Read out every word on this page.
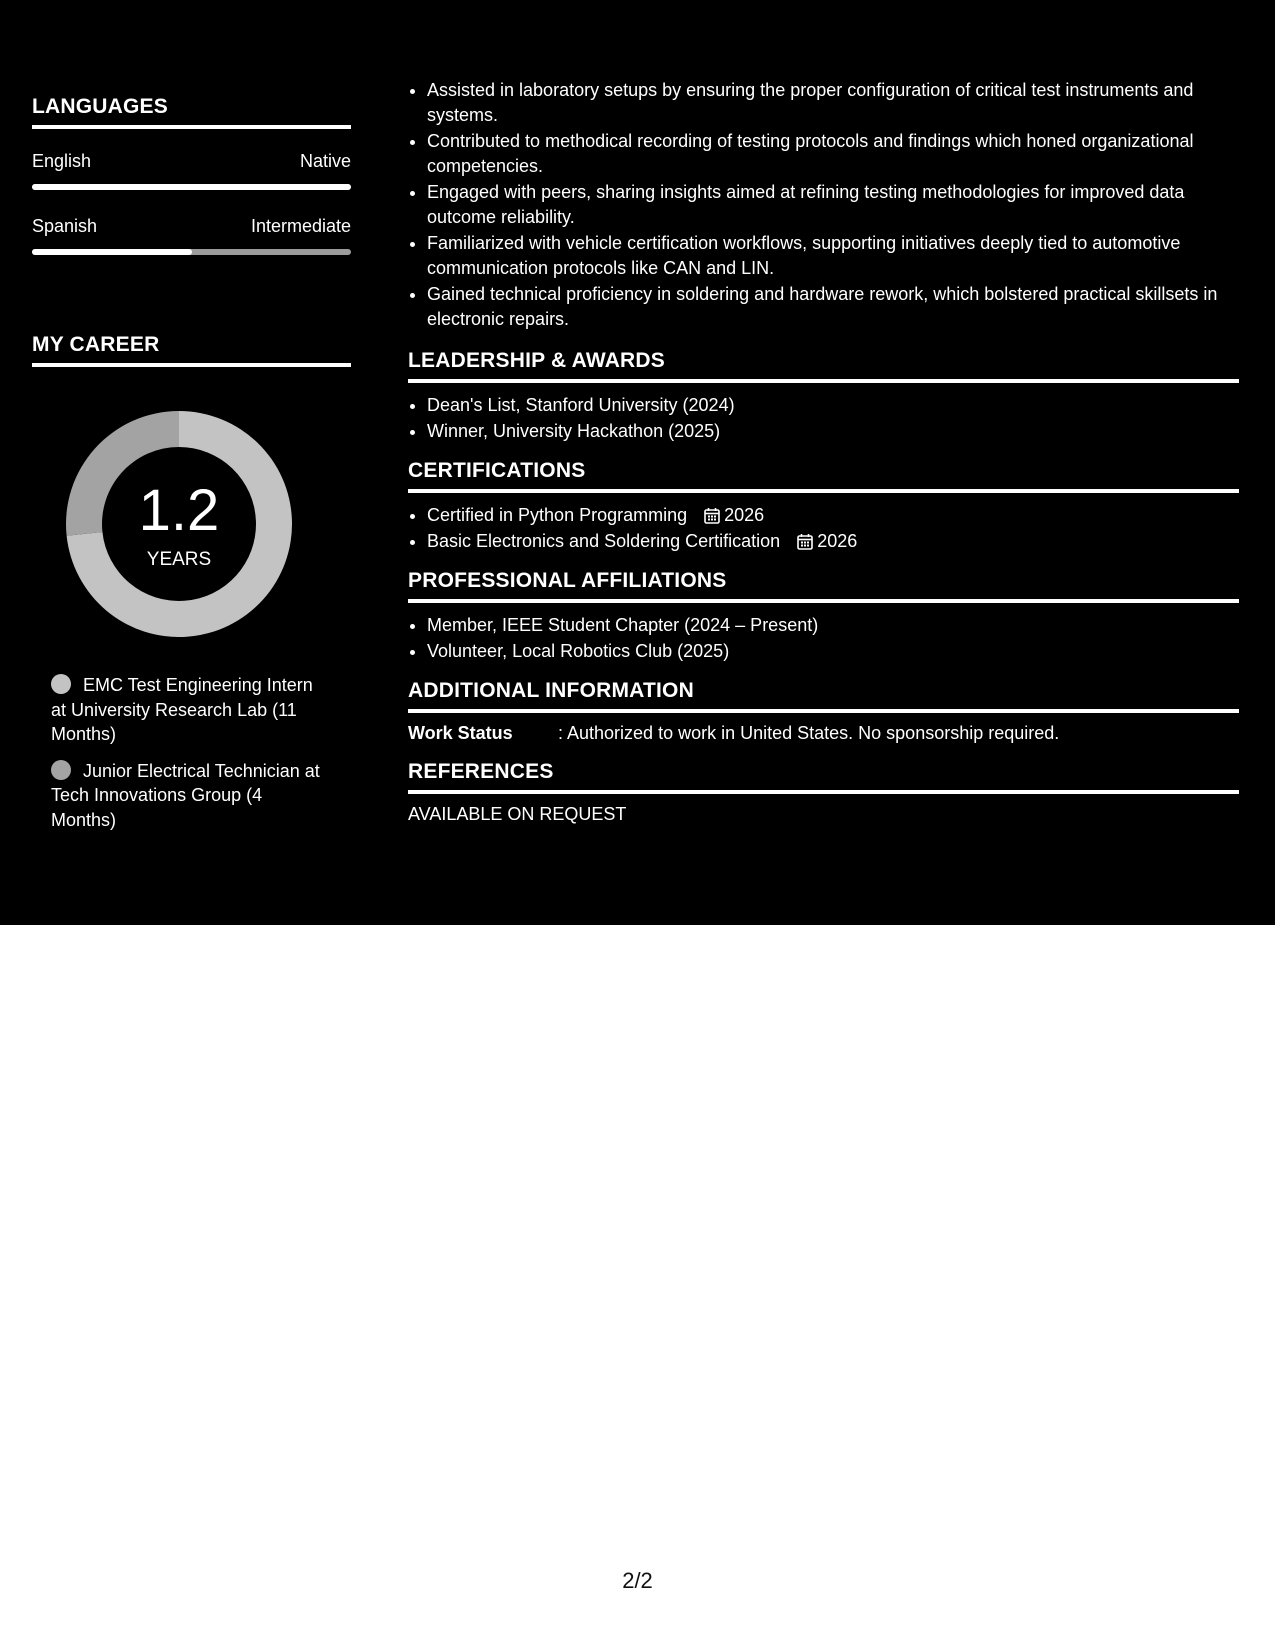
LANGUAGES
English	Native
Spanish	Intermediate
MY CAREER
1.2
YEARS
EMC Test Engineering Intern at University Research Lab (11 Months)
Junior Electrical Technician at Tech Innovations Group (4 Months)
• Assisted in laboratory setups by ensuring the proper configuration of critical test instruments and systems.
• Contributed to methodical recording of testing protocols and findings which honed organizational competencies.
• Engaged with peers, sharing insights aimed at refining testing methodologies for improved data outcome reliability.
• Familiarized with vehicle certification workflows, supporting initiatives deeply tied to automotive communication protocols like CAN and LIN.
• Gained technical proficiency in soldering and hardware rework, which bolstered practical skillsets in electronic repairs.
LEADERSHIP & AWARDS
• Dean's List, Stanford University (2024)
• Winner, University Hackathon (2025)
CERTIFICATIONS
• Certified in Python Programming 2026
• Basic Electronics and Soldering Certification 2026
PROFESSIONAL AFFILIATIONS
• Member, IEEE Student Chapter (2024 – Present)
• Volunteer, Local Robotics Club (2025)
ADDITIONAL INFORMATION
Work Status	: Authorized to work in United States. No sponsorship required.
REFERENCES
AVAILABLE ON REQUEST
2/2
